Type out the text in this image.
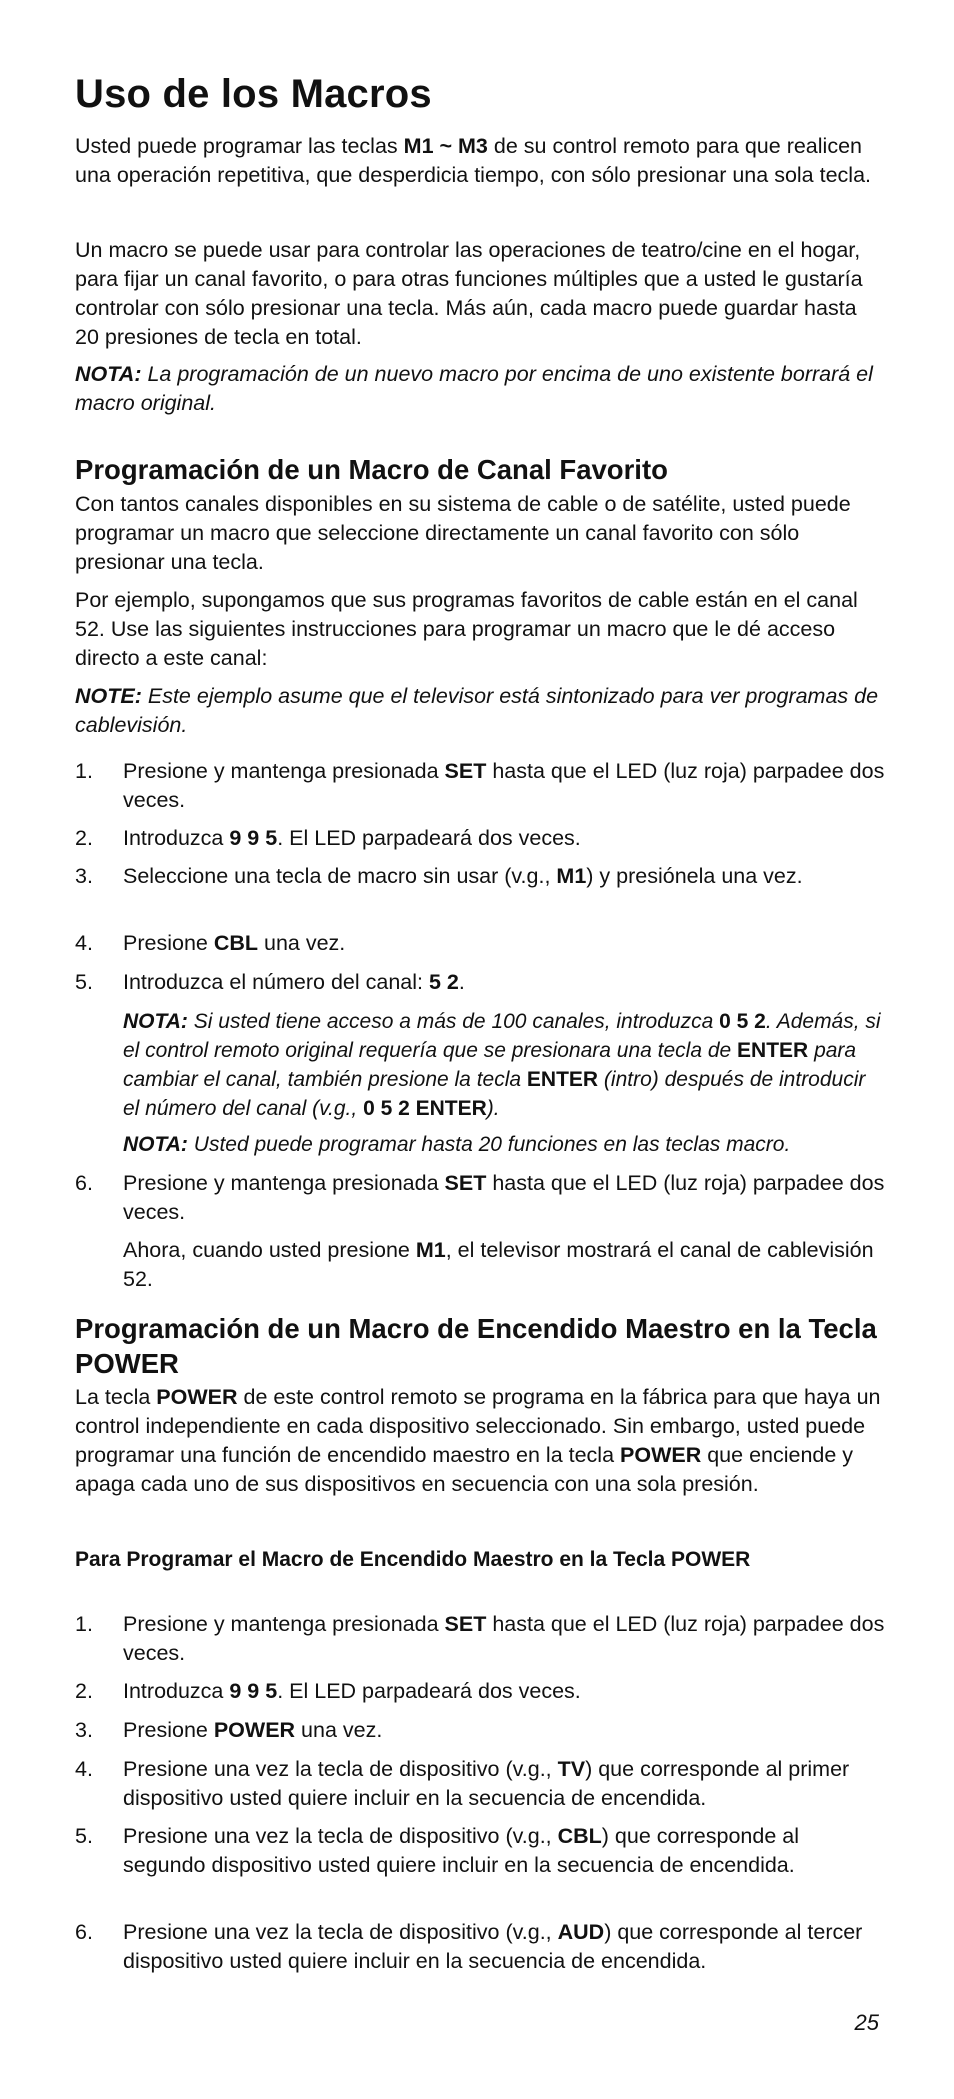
Uso de los Macros

Usted puede programar las teclas M1 ~ M3 de su control remoto para que realicen una operación repetitiva, que desperdicia tiempo, con sólo presionar una sola tecla.

Un macro se puede usar para controlar las operaciones de teatro/cine en el hogar, para fijar un canal favorito, o para otras funciones múltiples que a usted le gustaría controlar con sólo presionar una tecla. Más aún, cada macro puede guardar hasta 20 presiones de tecla en total.

NOTA: La programación de un nuevo macro por encima de uno existente borrará el macro original.

Programación de un Macro de Canal Favorito

Con tantos canales disponibles en su sistema de cable o de satélite, usted puede programar un macro que seleccione directamente un canal favorito con sólo presionar una tecla.

Por ejemplo, supongamos que sus programas favoritos de cable están en el canal 52. Use las siguientes instrucciones para programar un macro que le dé acceso directo a este canal:

NOTE: Este ejemplo asume que el televisor está sintonizado para ver programas de cablevisión.

1. Presione y mantenga presionada SET hasta que el LED (luz roja) parpadee dos veces.
2. Introduzca 9 9 5. El LED parpadeará dos veces.
3. Seleccione una tecla de macro sin usar (v.g., M1) y presiónela una vez.
4. Presione CBL una vez.
5. Introduzca el número del canal: 5 2.

NOTA: Si usted tiene acceso a más de 100 canales, introduzca 0 5 2. Además, si el control remoto original requería que se presionara una tecla de ENTER para cambiar el canal, también presione la tecla ENTER (intro) después de introducir el número del canal (v.g., 0 5 2 ENTER).

NOTA: Usted puede programar hasta 20 funciones en las teclas macro.

6. Presione y mantenga presionada SET hasta que el LED (luz roja) parpadee dos veces.

Ahora, cuando usted presione M1, el televisor mostrará el canal de cablevisión 52.

Programación de un Macro de Encendido Maestro en la Tecla POWER

La tecla POWER de este control remoto se programa en la fábrica para que haya un control independiente en cada dispositivo seleccionado. Sin embargo, usted puede programar una función de encendido maestro en la tecla POWER que enciende y apaga cada uno de sus dispositivos en secuencia con una sola presión.

Para Programar el Macro de Encendido Maestro en la Tecla POWER
1. Presione y mantenga presionada SET hasta que el LED (luz roja) parpadee dos veces.
2. Introduzca 9 9 5. El LED parpadeará dos veces.
3. Presione POWER una vez.
4. Presione una vez la tecla de dispositivo (v.g., TV) que corresponde al primer dispositivo usted quiere incluir en la secuencia de encendida.
5. Presione una vez la tecla de dispositivo (v.g., CBL) que corresponde al segundo dispositivo usted quiere incluir en la secuencia de encendida.
6. Presione una vez la tecla de dispositivo (v.g., AUD) que corresponde al tercer dispositivo usted quiere incluir en la secuencia de encendida.
25
